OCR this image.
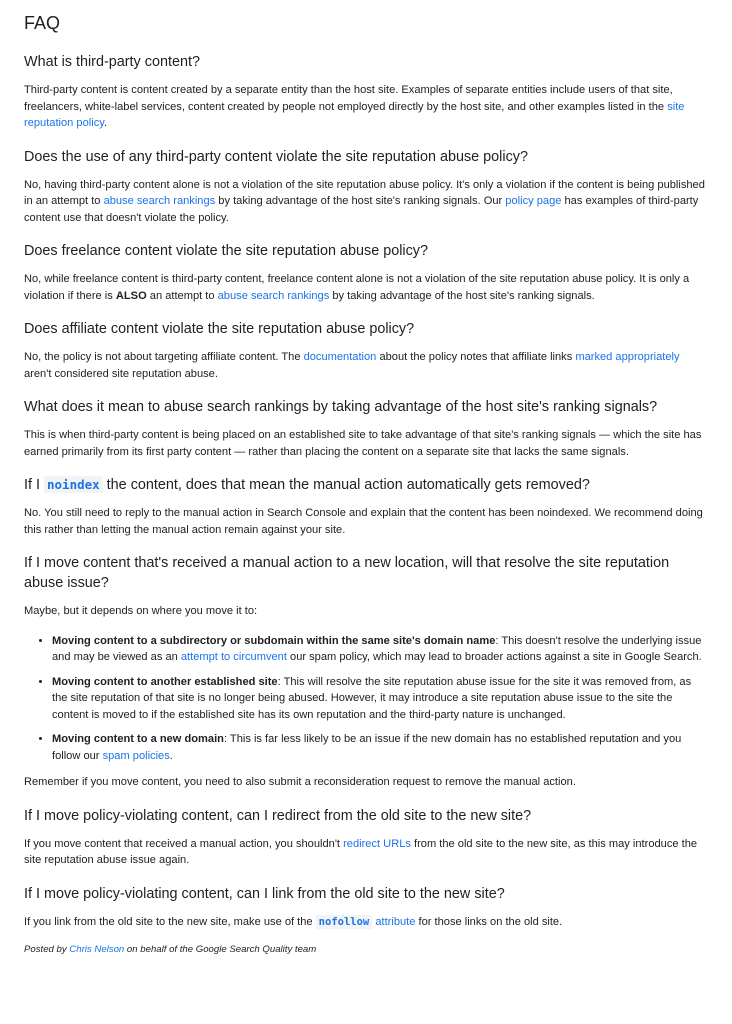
FAQ
What is third-party content?

Third-party content is content created by a separate entity than the host site. Examples of separate entities include users of that site, freelancers, white-label services, content created by people not employed directly by the host site, and other examples listed in the site reputation policy.

Does the use of any third-party content violate the site reputation abuse policy?

No, having third-party content alone is not a violation of the site reputation abuse policy. It's only a violation if the content is being published in an attempt to abuse search rankings by taking advantage of the host site's ranking signals. Our policy page has examples of third-party content use that doesn't violate the policy.

Does freelance content violate the site reputation abuse policy?

No, while freelance content is third-party content, freelance content alone is not a violation of the site reputation abuse policy. It is only a violation if there is ALSO an attempt to abuse search rankings by taking advantage of the host site's ranking signals.

Does affiliate content violate the site reputation abuse policy?

No, the policy is not about targeting affiliate content. The documentation about the policy notes that affiliate links marked appropriately aren't considered site reputation abuse.

What does it mean to abuse search rankings by taking advantage of the host site's ranking signals?

This is when third-party content is being placed on an established site to take advantage of that site's ranking signals — which the site has earned primarily from its first party content — rather than placing the content on a separate site that lacks the same signals.

If I noindex the content, does that mean the manual action automatically gets removed?

No. You still need to reply to the manual action in Search Console and explain that the content has been noindexed. We recommend doing this rather than letting the manual action remain against your site.

If I move content that's received a manual action to a new location, will that resolve the site reputation abuse issue?

Maybe, but it depends on where you move it to:

• Moving content to a subdirectory or subdomain within the same site's domain name: This doesn't resolve the underlying issue and may be viewed as an attempt to circumvent our spam policy, which may lead to broader actions against a site in Google Search.
• Moving content to another established site: This will resolve the site reputation abuse issue for the site it was removed from, as the site reputation of that site is no longer being abused. However, it may introduce a site reputation abuse issue to the site the content is moved to if the established site has its own reputation and the third-party nature is unchanged.
• Moving content to a new domain: This is far less likely to be an issue if the new domain has no established reputation and you follow our spam policies.

Remember if you move content, you need to also submit a reconsideration request to remove the manual action.

If I move policy-violating content, can I redirect from the old site to the new site?

If you move content that received a manual action, you shouldn't redirect URLs from the old site to the new site, as this may introduce the site reputation abuse issue again.

If I move policy-violating content, can I link from the old site to the new site?

If you link from the old site to the new site, make use of the nofollow attribute for those links on the old site.

Posted by Chris Nelson on behalf of the Google Search Quality team
